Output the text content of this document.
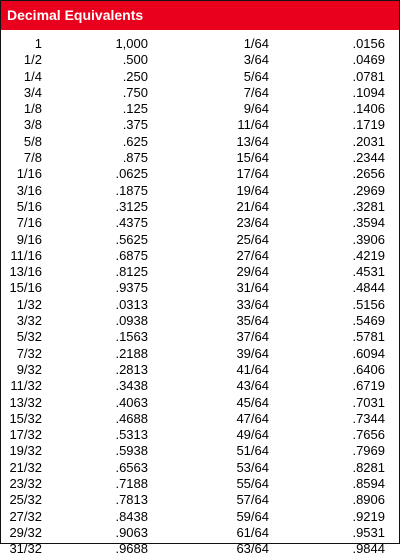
Decimal Equivalents
1	1,000	1/64	.0156
1/2	.500	3/64	.0469
1/4	.250	5/64	.0781
3/4	.750	7/64	.1094
1/8	.125	9/64	.1406
3/8	.375	11/64	.1719
5/8	.625	13/64	.2031
7/8	.875	15/64	.2344
1/16	.0625	17/64	.2656
3/16	.1875	19/64	.2969
5/16	.3125	21/64	.3281
7/16	.4375	23/64	.3594
9/16	.5625	25/64	.3906
11/16	.6875	27/64	.4219
13/16	.8125	29/64	.4531
15/16	.9375	31/64	.4844
1/32	.0313	33/64	.5156
3/32	.0938	35/64	.5469
5/32	.1563	37/64	.5781
7/32	.2188	39/64	.6094
9/32	.2813	41/64	.6406
11/32	.3438	43/64	.6719
13/32	.4063	45/64	.7031
15/32	.4688	47/64	.7344
17/32	.5313	49/64	.7656
19/32	.5938	51/64	.7969
21/32	.6563	53/64	.8281
23/32	.7188	55/64	.8594
25/32	.7813	57/64	.8906
27/32	.8438	59/64	.9219
29/32	.9063	61/64	.9531
31/32	.9688	63/64	.9844
